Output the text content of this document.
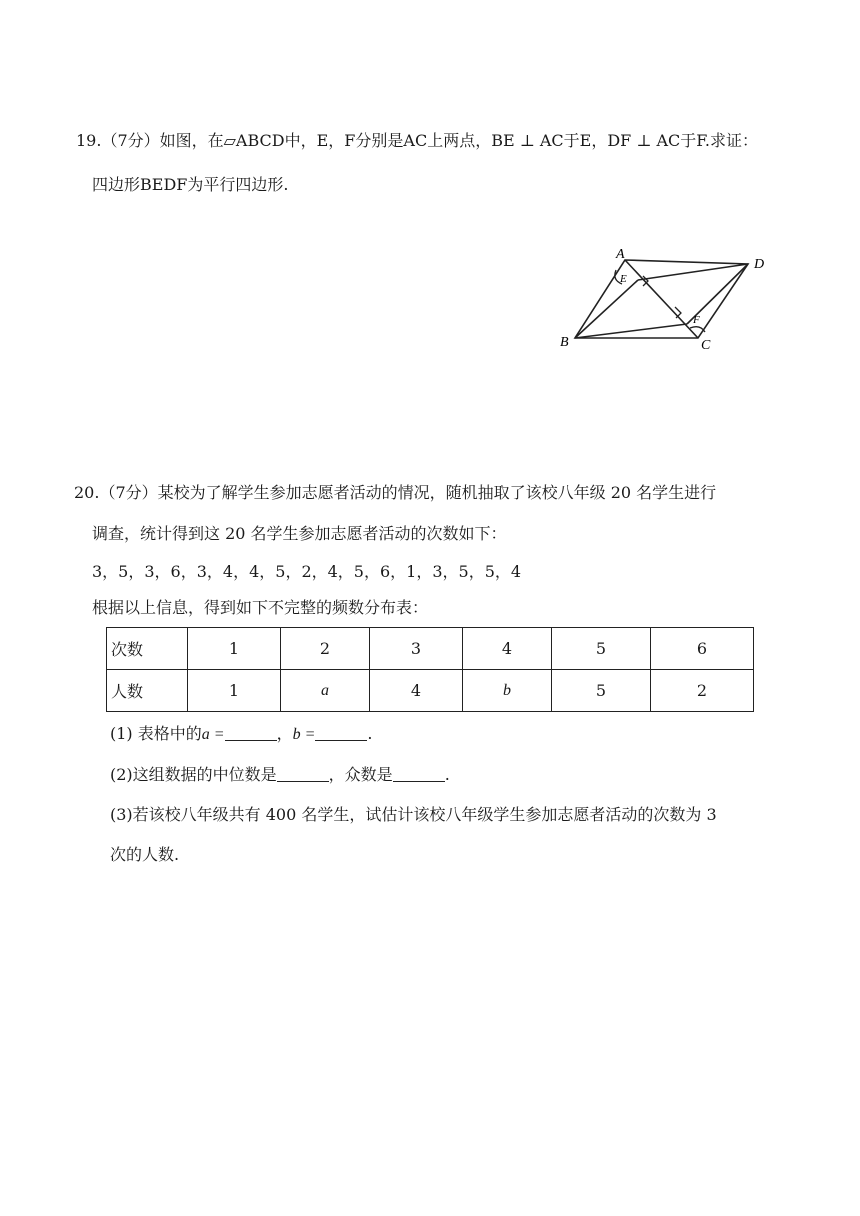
19.（7分）如图，在▱ABCD中，E，F分别是AC上两点，BE ⊥ AC于E，DF ⊥ AC于F.求证：
四边形BEDF为平行四边形.
A
D
B	C
E
F
20.（7分）某校为了解学生参加志愿者活动的情况，随机抽取了该校八年级 20 名学生进行
调查，统计得到这 20 名学生参加志愿者活动的次数如下：
3，5，3，6，3，4，4，5，2，4，5，6，1，3，5，5，4
根据以上信息，得到如下不完整的频数分布表：
次数	1	2	3	4	5	6
人数	1	a	4	b	5	2
(1) 表格中的a =	，b =	.
(2)这组数据的中位数是	，众数是	.
(3)若该校八年级共有 400 名学生，试估计该校八年级学生参加志愿者活动的次数为 3
次的人数.
